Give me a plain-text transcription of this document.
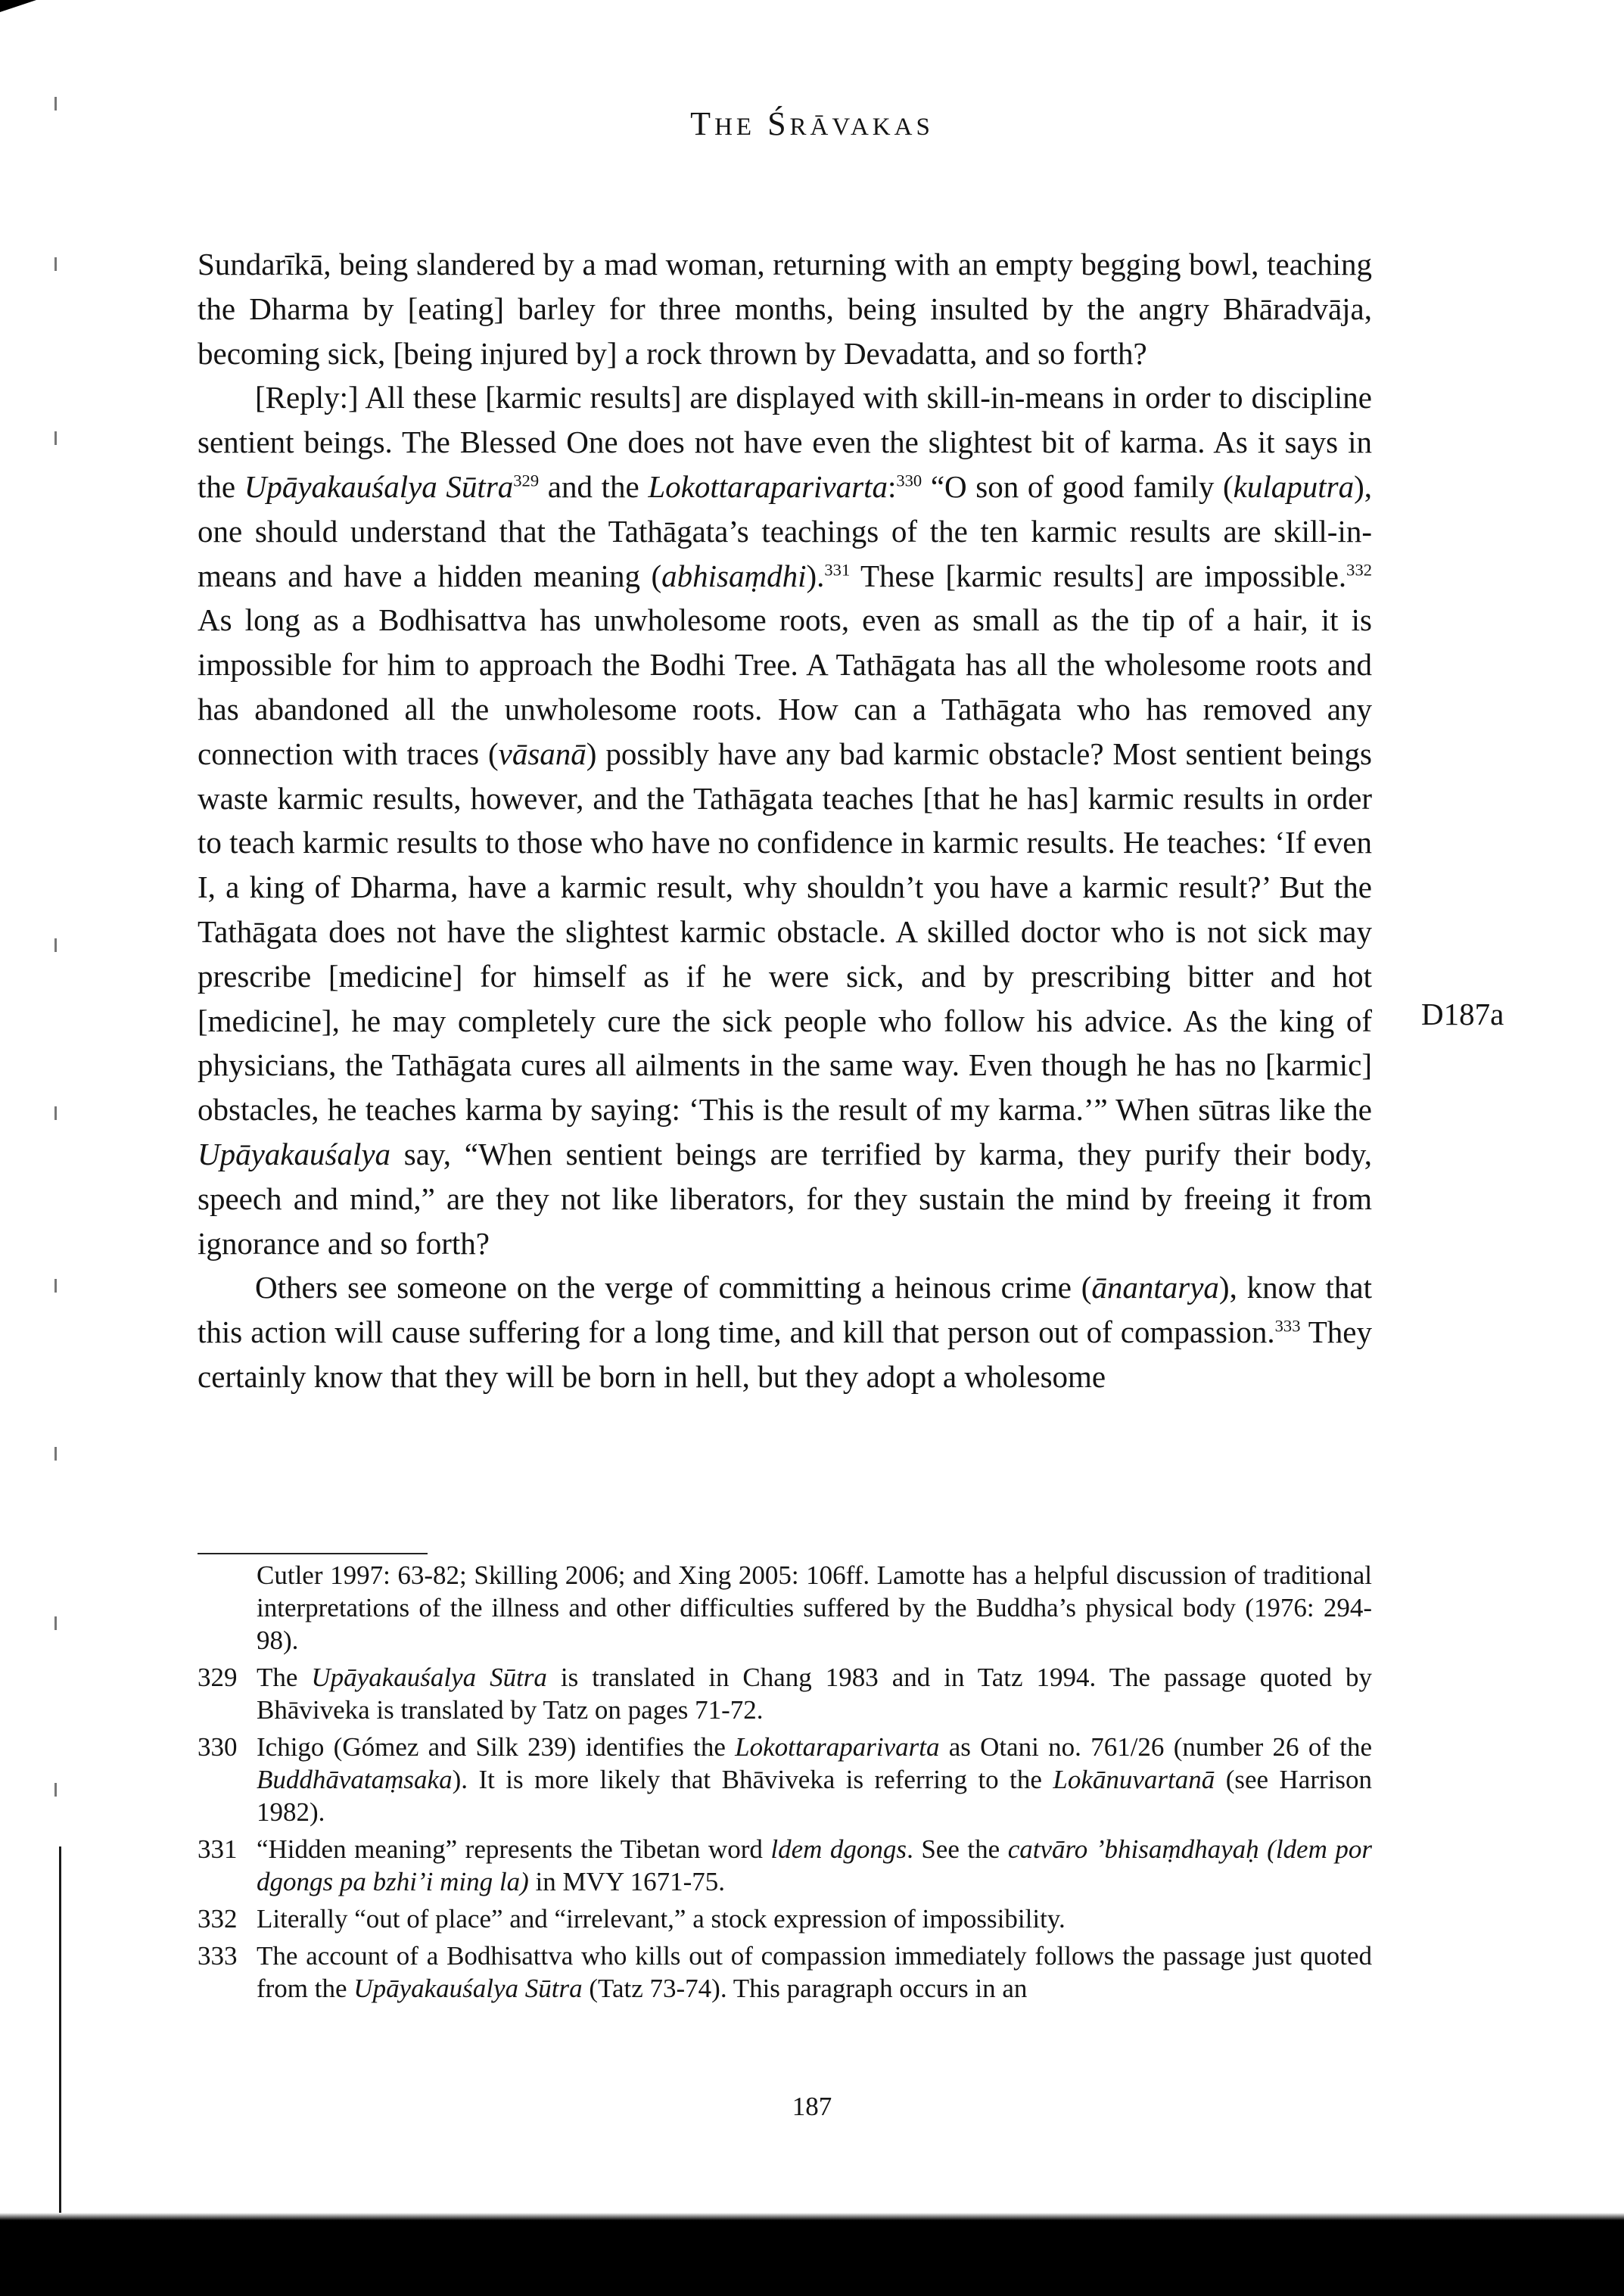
THE ŚRĀVAKAS

Sundarīkā, being slandered by a mad woman, returning with an empty begging bowl, teaching the Dharma by [eating] barley for three months, being insulted by the angry Bhāradvāja, becoming sick, [being injured by] a rock thrown by Devadatta, and so forth?

[Reply:] All these [karmic results] are displayed with skill-in-means in order to discipline sentient beings. The Blessed One does not have even the slightest bit of karma. As it says in the Upāyakauśalya Sūtra$^{329}$ and the Lokottaraparivarta:$^{330}$ “O son of good family (kulaputra), one should understand that the Tathāgata’s teachings of the ten karmic results are skill-in-means and have a hidden meaning (abhisaṃdhi).$^{331}$ These [karmic results] are impossible.$^{332}$ As long as a Bodhisattva has unwholesome roots, even as small as the tip of a hair, it is impossible for him to approach the Bodhi Tree. A Tathāgata has all the wholesome roots and has abandoned all the unwholesome roots. How can a Tathāgata who has removed any connection with traces (vāsanā) possibly have any bad karmic obstacle? Most sentient beings waste karmic results, however, and the Tathāgata teaches [that he has] karmic results in order to teach karmic results to those who have no confidence in karmic results. He teaches: ‘If even I, a king of Dharma, have a karmic result, why shouldn’t you have a karmic result?’ But the Tathāgata does not have the slightest karmic obstacle. A skilled doctor who is not sick may prescribe [medicine] for himself as if he were sick, and by prescribing bitter and hot [medicine], he may completely cure the sick people who follow his advice. As the king of physicians, the Tathāgata cures all ailments in the same way. Even though he has no [karmic] obstacles, he teaches karma by saying: ‘This is the result of my karma.’” When sūtras like the Upāyakauśalya say, “When sentient beings are terrified by karma, they purify their body, speech and mind,” are they not like liberators, for they sustain the mind by freeing it from ignorance and so forth?

Others see someone on the verge of committing a heinous crime (ānantarya), know that this action will cause suffering for a long time, and kill that person out of compassion.$^{333}$ They certainly know that they will be born in hell, but they adopt a wholesome

D187a
Cutler 1997: 63-82; Skilling 2006; and Xing 2005: 106ff. Lamotte has a helpful discussion of traditional interpretations of the illness and other difficulties suffered by the Buddha’s physical body (1976: 294-98).
329 The Upāyakauśalya Sūtra is translated in Chang 1983 and in Tatz 1994. The passage quoted by Bhāviveka is translated by Tatz on pages 71-72.
330 Ichigo (Gómez and Silk 239) identifies the Lokottaraparivarta as Otani no. 761/26 (number 26 of the Buddhāvataṃsaka). It is more likely that Bhāviveka is referring to the Lokānuvartanā (see Harrison 1982).
331 “Hidden meaning” represents the Tibetan word ldem dgongs. See the catvāro ’bhisaṃdhayaḥ (ldem por dgongs pa bzhi’i ming la) in MVY 1671-75.
332 Literally “out of place” and “irrelevant,” a stock expression of impossibility.
333 The account of a Bodhisattva who kills out of compassion immediately follows the passage just quoted from the Upāyakauśalya Sūtra (Tatz 73-74). This paragraph occurs in an
187
